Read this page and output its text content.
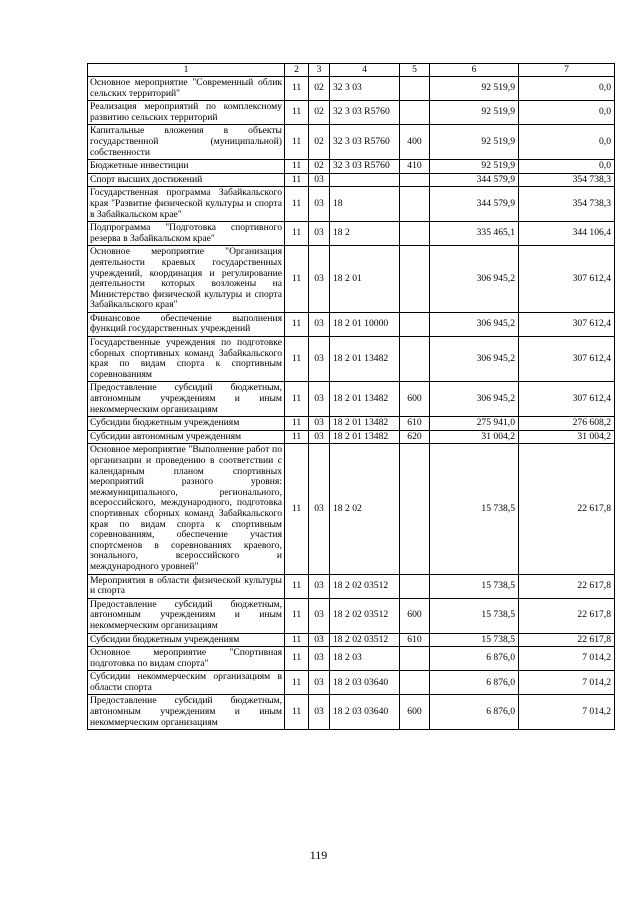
1	2	3	4	5	6	7
Основное мероприятие "Современный облик сельских территорий"	11	02	32 3 03		92 519,9	0,0
Реализация мероприятий по комплексному развитию сельских территорий	11	02	32 3 03 R5760		92 519,9	0,0
Капитальные вложения в объекты государственной (муниципальной) собственности	11	02	32 3 03 R5760	400	92 519,9	0,0
Бюджетные инвестиции	11	02	32 3 03 R5760	410	92 519,9	0,0
Спорт высших достижений	11	03			344 579,9	354 738,3
Государственная программа Забайкальского края "Развитие физической культуры и спорта в Забайкальском крае"	11	03	18		344 579,9	354 738,3
Подпрограмма "Подготовка спортивного резерва в Забайкальском крае"	11	03	18 2		335 465,1	344 106,4
Основное мероприятие "Организация деятельности краевых государственных учреждений, координация и регулирование деятельности которых возложены на Министерство физической культуры и спорта Забайкальского края"	11	03	18 2 01		306 945,2	307 612,4
Финансовое обеспечение выполнения функций государственных учреждений	11	03	18 2 01 10000		306 945,2	307 612,4
Государственные учреждения по подготовке сборных спортивных команд Забайкальского края по видам спорта к спортивным соревнованиям	11	03	18 2 01 13482		306 945,2	307 612,4
Предоставление субсидий бюджетным, автономным учреждениям и иным некоммерческим организациям	11	03	18 2 01 13482	600	306 945,2	307 612,4
Субсидии бюджетным учреждениям	11	03	18 2 01 13482	610	275 941,0	276 608,2
Субсидии автономным учреждениям	11	03	18 2 01 13482	620	31 004,2	31 004,2
Основное мероприятие "Выполнение работ по организации и проведению в соответствии с календарным планом спортивных мероприятий разного уровня: межмуниципального, регионального, всероссийского, международного, подготовка спортивных сборных команд Забайкальского края по видам спорта к спортивным соревнованиям, обеспечение участия спортсменов в соревнованиях краевого, зонального, всероссийского и международного уровней"	11	03	18 2 02		15 738,5	22 617,8
Мероприятия в области физической культуры и спорта	11	03	18 2 02 03512		15 738,5	22 617,8
Предоставление субсидий бюджетным, автономным учреждениям и иным некоммерческим организациям	11	03	18 2 02 03512	600	15 738,5	22 617,8
Субсидии бюджетным учреждениям	11	03	18 2 02 03512	610	15 738,5	22 617,8
Основное мероприятие "Спортивная подготовка по видам спорта"	11	03	18 2 03		6 876,0	7 014,2
Субсидии некоммерческим организациям в области спорта	11	03	18 2 03 03640		6 876,0	7 014,2
Предоставление субсидий бюджетным, автономным учреждениям и иным некоммерческим организациям	11	03	18 2 03 03640	600	6 876,0	7 014,2
119
